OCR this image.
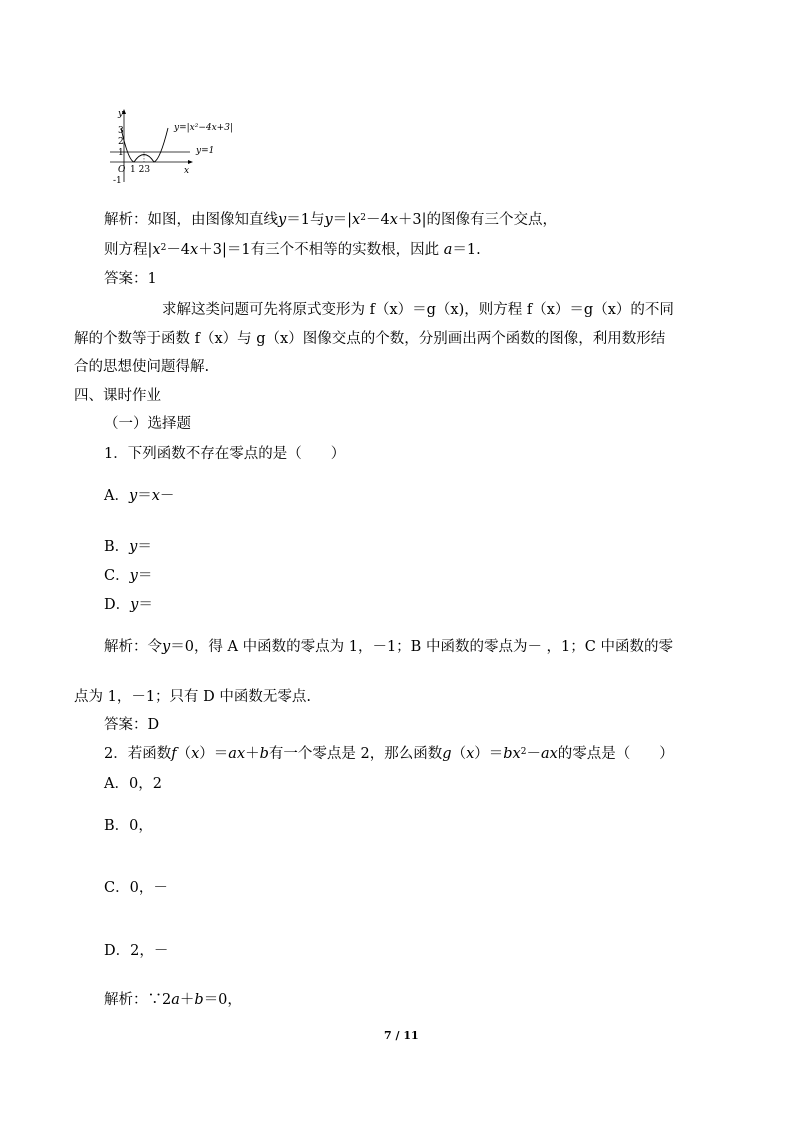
y
x
O
3
2
1
-1
1 23
y=|x²−4x+3|
y=1
解析：如图，由图像知直线y＝1与$y=|x^2-4x+3|$的图像有三个交点，
则方程$|x^2-4x+3|=1$有三个不相等的实数根，因此 a＝1.
答案：1
求解这类问题可先将原式变形为 f（x）＝g（x)，则方程 f（x）＝g（x）的不同
解的个数等于函数 f（x）与 g（x）图像交点的个数，分别画出两个函数的图像，利用数形结
合的思想使问题得解.
四、课时作业
（一）选择题
1．下列函数不存在零点的是（　　）
A．y＝x－
B．y＝
C．y＝
D．y＝
解析：令y＝0，得 A 中函数的零点为 1，－1；B 中函数的零点为－ ，1；C 中函数的零
点为 1，－1；只有 D 中函数无零点.
答案：D
2．若函数f（x）＝ax＋b有一个零点是 2，那么函数$g(x)=bx^2-ax$的零点是（　　）
A．0，2
B．0，
C．0，－
D．2，－
解析：∵2a＋b＝0，
7 / 11
